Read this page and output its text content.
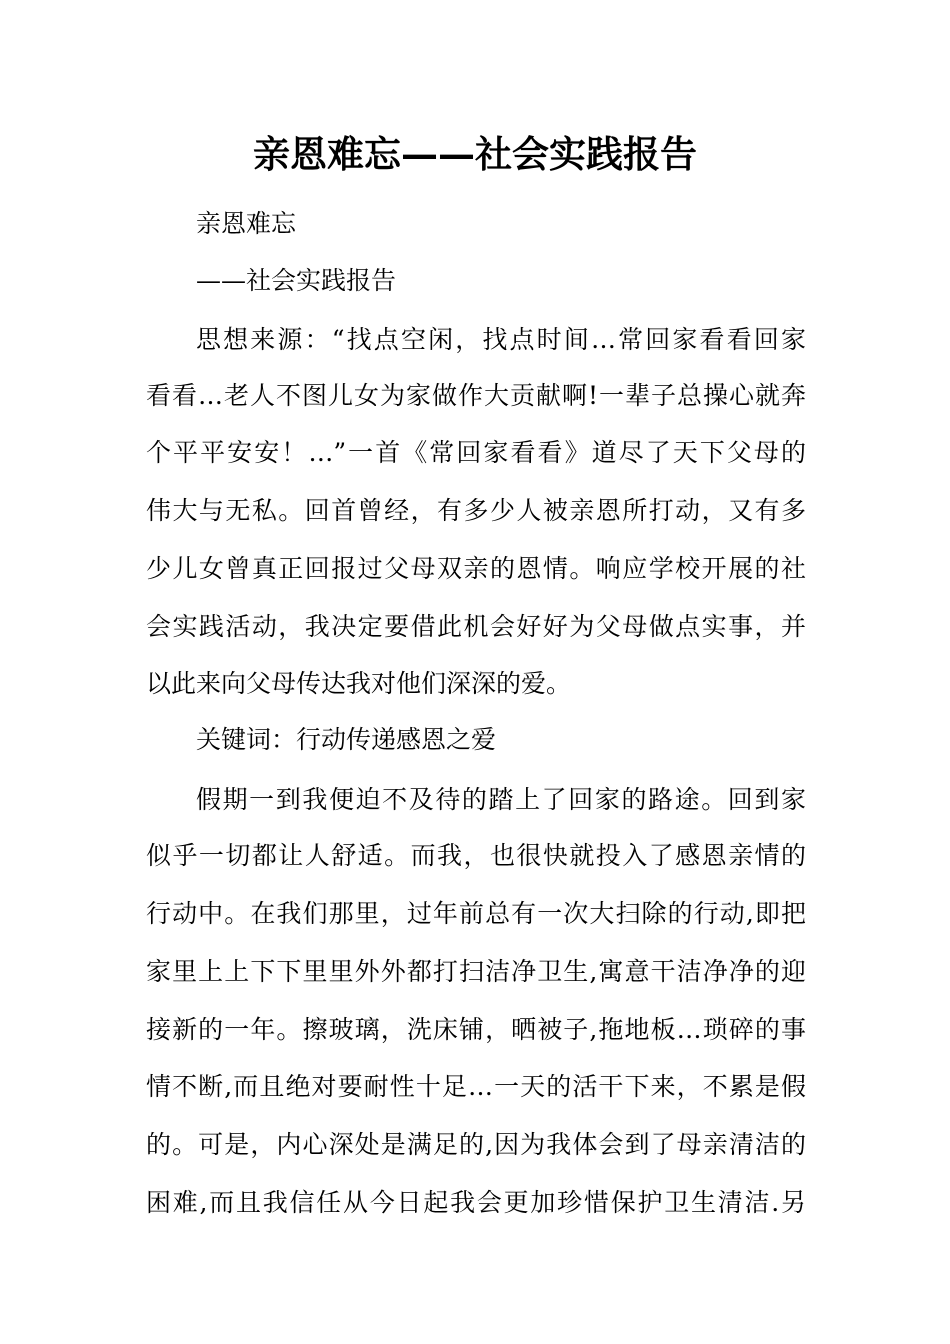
亲恩难忘——社会实践报告
亲恩难忘
——社会实践报告
思想来源：“找点空闲，找点时间…常回家看看回家
看看…老人不图儿女为家做作大贡献啊!一辈子总操心就奔
个平平安安！…”一首《常回家看看》道尽了天下父母的
伟大与无私。回首曾经，有多少人被亲恩所打动，又有多
少儿女曾真正回报过父母双亲的恩情。响应学校开展的社
会实践活动，我决定要借此机会好好为父母做点实事，并
以此来向父母传达我对他们深深的爱。
关键词：行动传递感恩之爱
假期一到我便迫不及待的踏上了回家的路途。回到家
似乎一切都让人舒适。而我，也很快就投入了感恩亲情的
行动中。在我们那里，过年前总有一次大扫除的行动,即把
家里上上下下里里外外都打扫洁净卫生,寓意干洁净净的迎
接新的一年。擦玻璃，洗床铺，晒被子,拖地板…琐碎的事
情不断,而且绝对要耐性十足…一天的活干下来，不累是假
的。可是，内心深处是满足的,因为我体会到了母亲清洁的
困难,而且我信任从今日起我会更加珍惜保护卫生清洁.另
